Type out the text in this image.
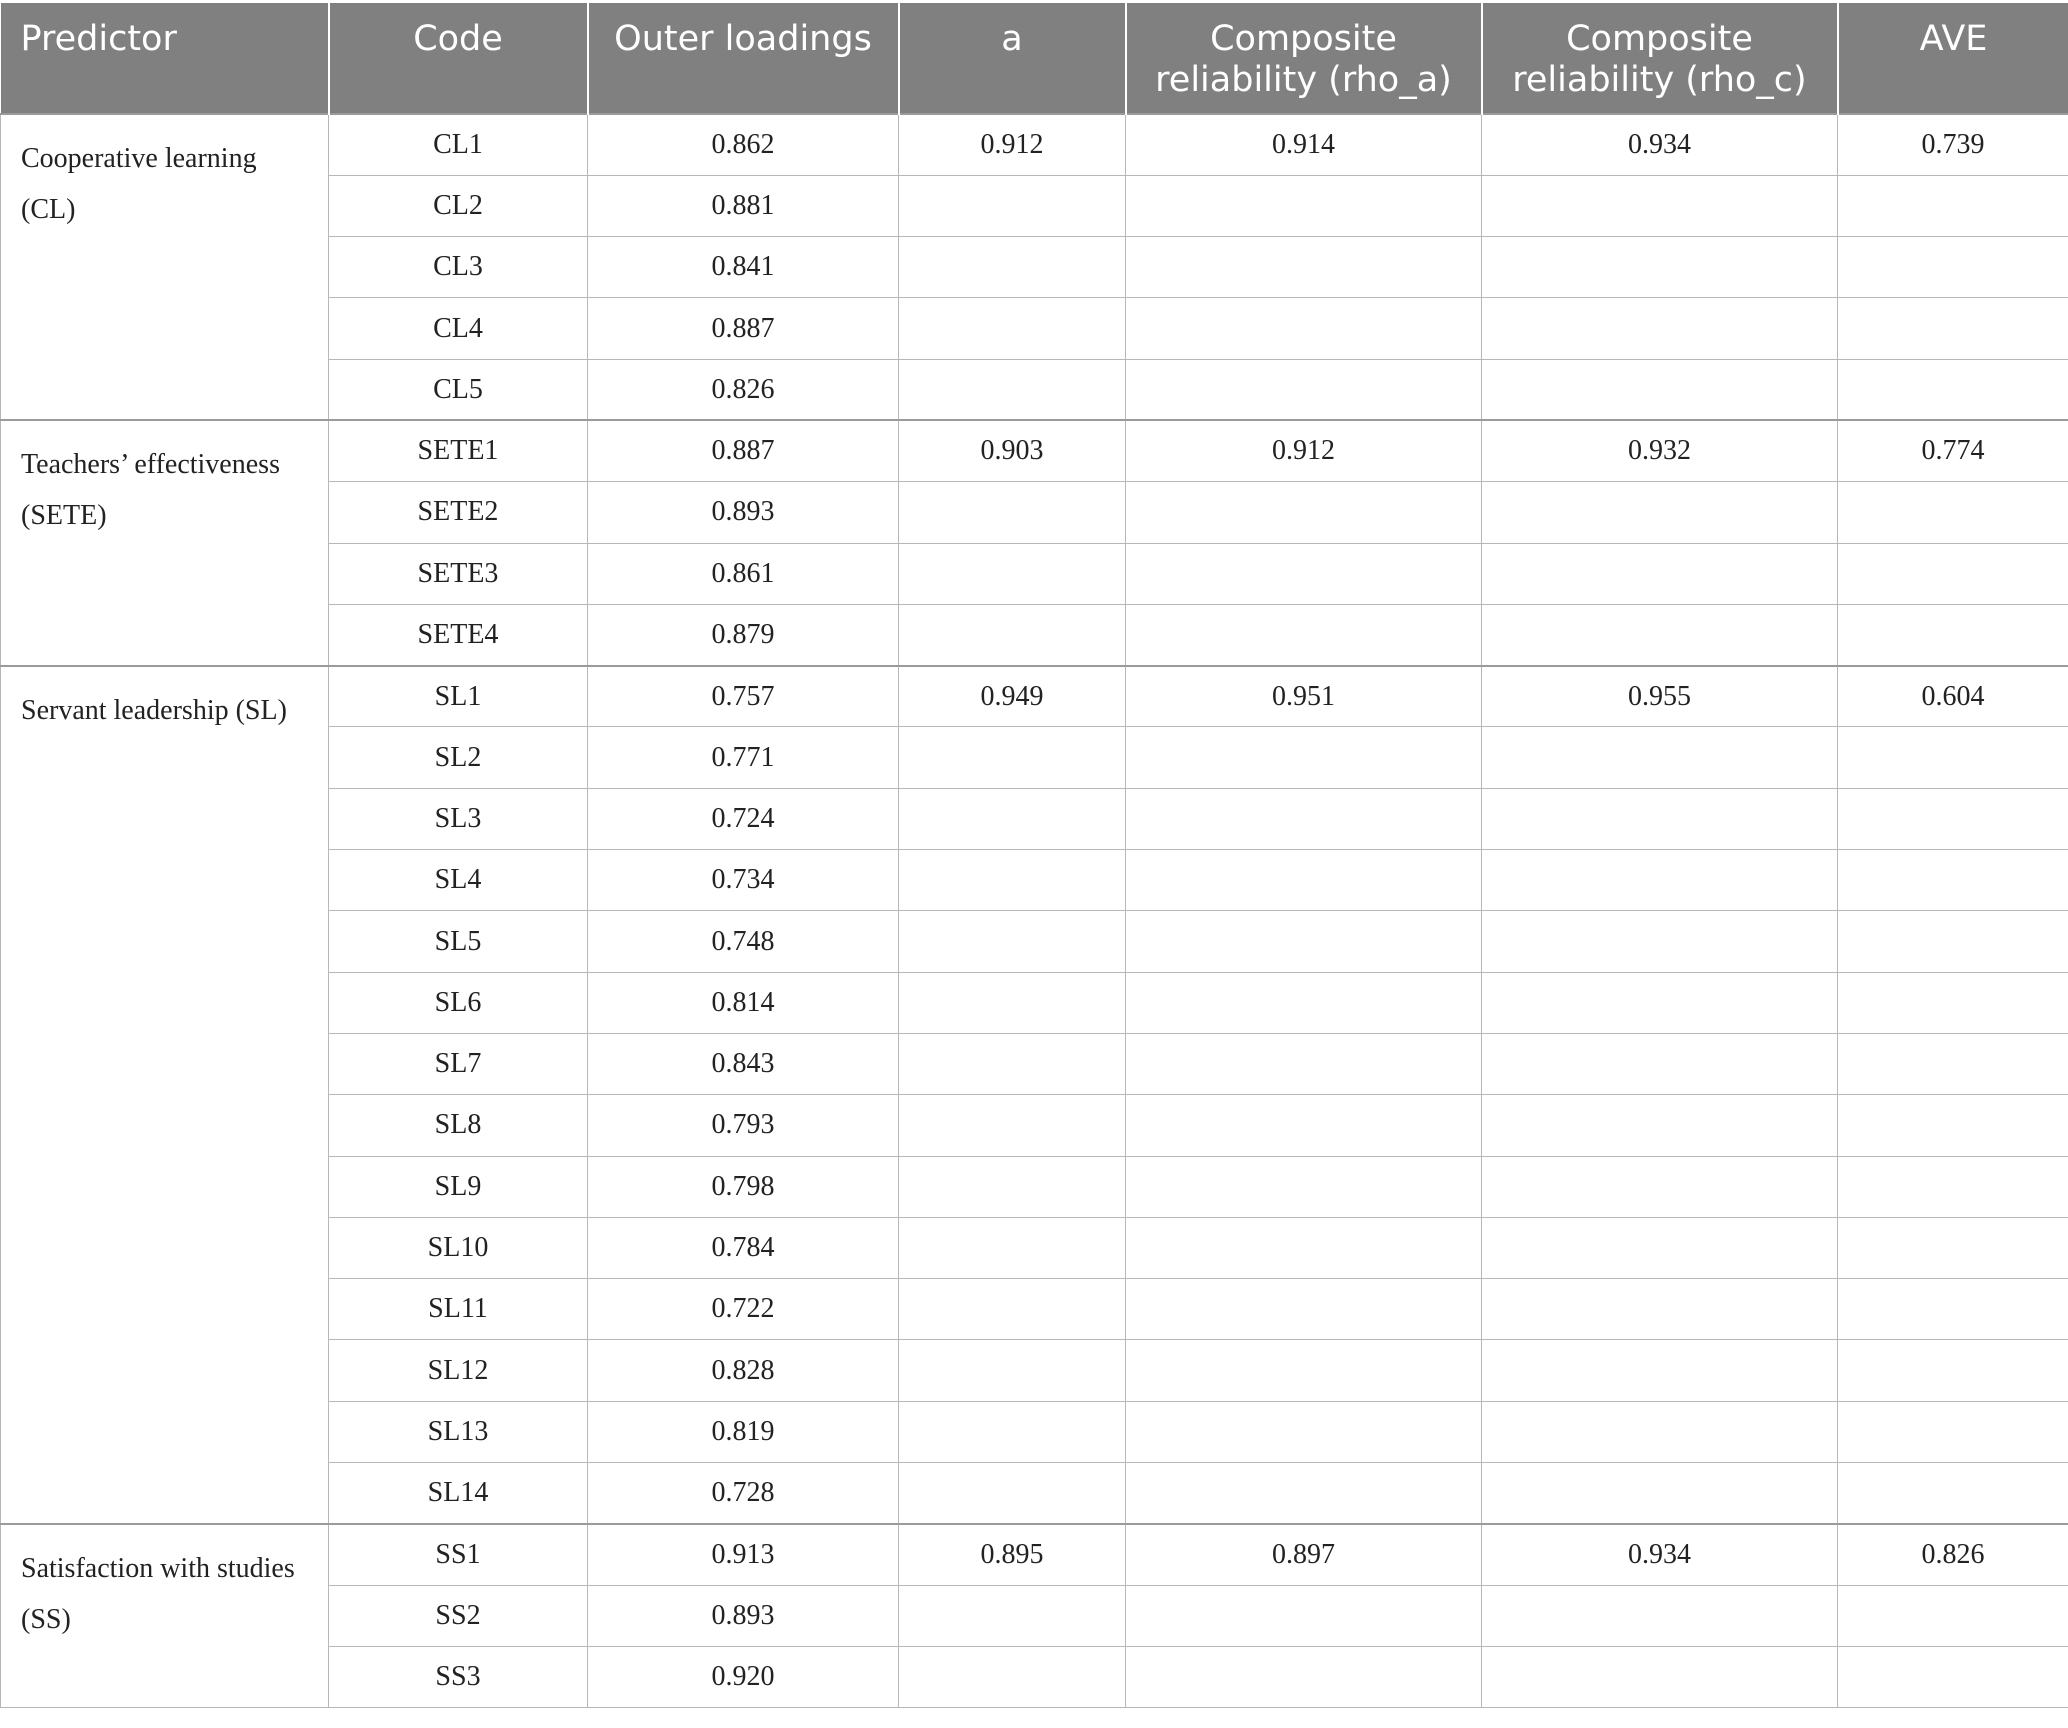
Predictor	Code	Outer loadings	a	Composite reliability (rho_a)	Composite reliability (rho_c)	AVE
Cooperative learning (CL)	CL1	0.862	0.912	0.914	0.934	0.739
	CL2	0.881				
	CL3	0.841				
	CL4	0.887				
	CL5	0.826				
Teachers’ effectiveness (SETE)	SETE1	0.887	0.903	0.912	0.932	0.774
	SETE2	0.893				
	SETE3	0.861				
	SETE4	0.879				
Servant leadership (SL)	SL1	0.757	0.949	0.951	0.955	0.604
	SL2	0.771				
	SL3	0.724				
	SL4	0.734				
	SL5	0.748				
	SL6	0.814				
	SL7	0.843				
	SL8	0.793				
	SL9	0.798				
	SL10	0.784				
	SL11	0.722				
	SL12	0.828				
	SL13	0.819				
	SL14	0.728				
Satisfaction with studies (SS)	SS1	0.913	0.895	0.897	0.934	0.826
	SS2	0.893				
	SS3	0.920				
